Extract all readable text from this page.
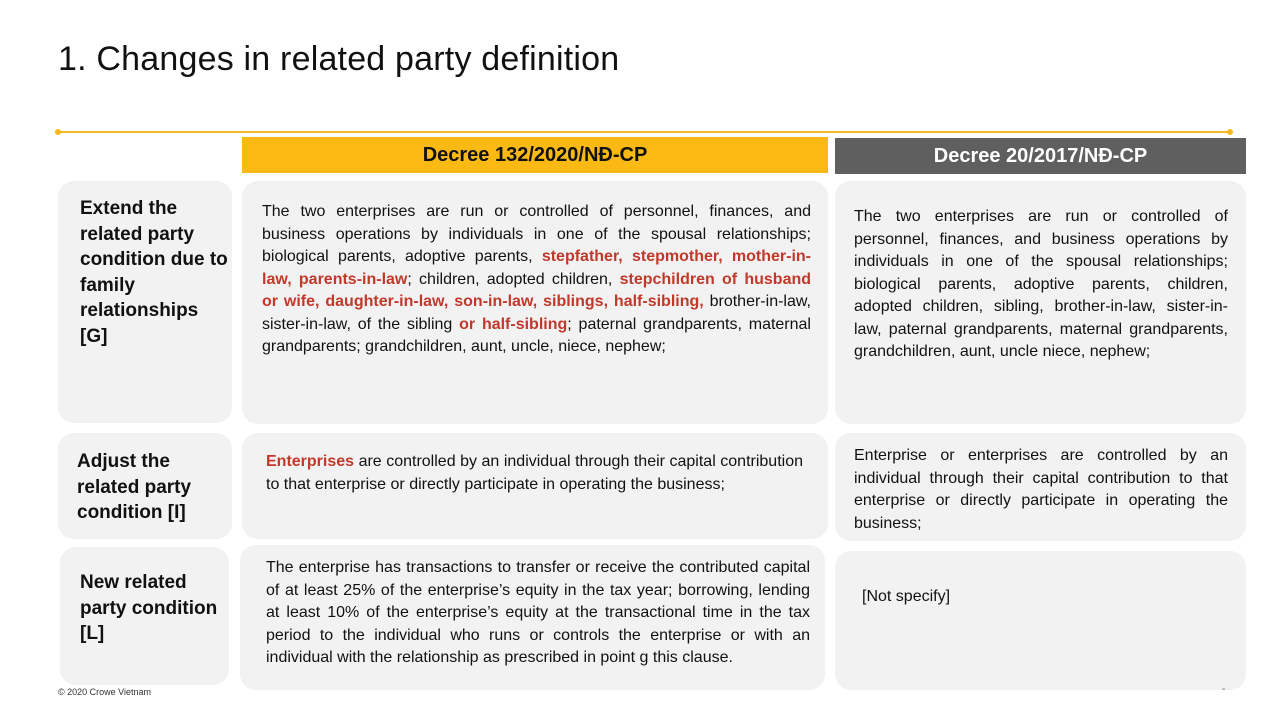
1. Changes in related party definition
Decree 132/2020/NĐ-CP	Decree 20/2017/NĐ-CP
Extend the related party condition due to family relationships [G]
The two enterprises are run or controlled of personnel, finances, and business operations by individuals in one of the spousal relationships; biological parents, adoptive parents, stepfather, stepmother, mother-in-law, parents-in-law; children, adopted children, stepchildren of husband or wife, daughter-in-law, son-in-law, siblings, half-sibling, brother-in-law, sister-in-law, of the sibling or half-sibling; paternal grandparents, maternal grandparents; grandchildren, aunt, uncle, niece, nephew;
The two enterprises are run or controlled of personnel, finances, and business operations by individuals in one of the spousal relationships; biological parents, adoptive parents, children, adopted children, sibling, brother-in-law, sister-in-law, paternal grandparents, maternal grandparents, grandchildren, aunt, uncle niece, nephew;
Adjust the related party condition [I]
Enterprises are controlled by an individual through their capital contribution to that enterprise or directly participate in operating the business;
Enterprise or enterprises are controlled by an individual through their capital contribution to that enterprise or directly participate in operating the business;
New related party condition [L]
The enterprise has transactions to transfer or receive the contributed capital of at least 25% of the enterprise’s equity in the tax year; borrowing, lending at least 10% of the enterprise’s equity at the transactional time in the tax period to the individual who runs or controls the enterprise or with an individual with the relationship as prescribed in point g this clause.
[Not specify]
© 2020 Crowe Vietnam	-
